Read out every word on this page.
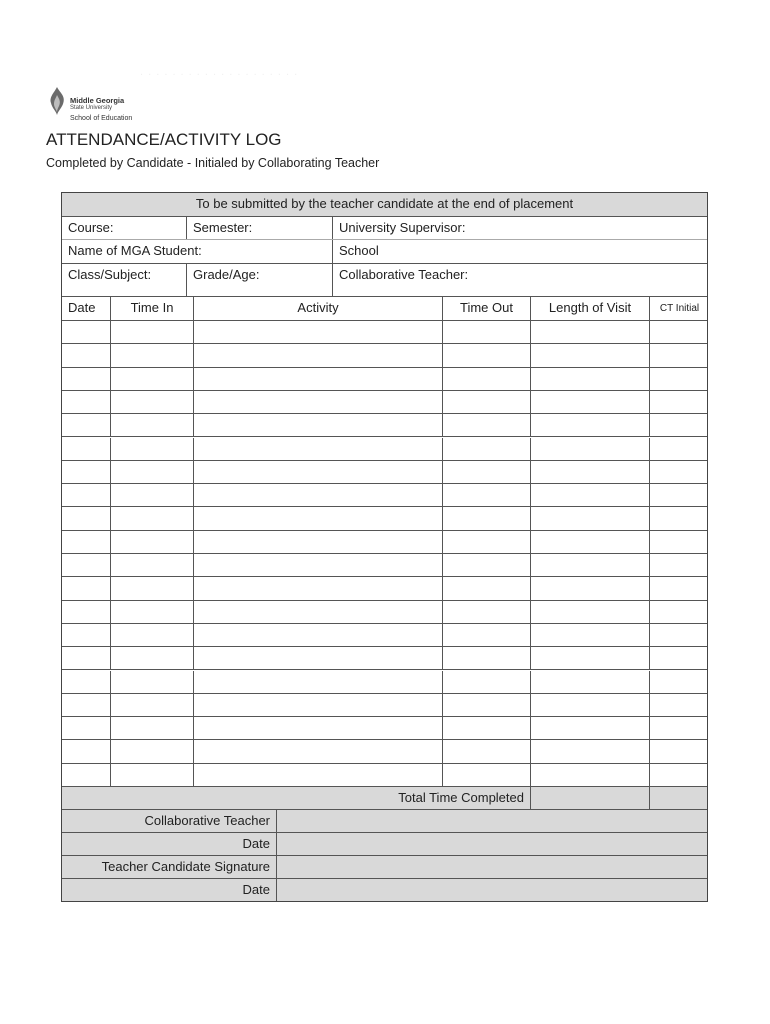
. . . . . . . . . . . . . . . . . . . .
Middle Georgia
State University
School of Education
ATTENDANCE/ACTIVITY LOG
Completed by Candidate - Initialed by Collaborating Teacher
To be submitted by the teacher candidate at the end of placement
Course:	Semester:	University Supervisor:
Name of MGA Student:	School
Class/Subject:	Grade/Age:	Collaborative Teacher:
Date	Time In	Activity	Time Out	Length of Visit	CT Initial
Total Time Completed
Collaborative Teacher
Date
Teacher Candidate Signature
Date
